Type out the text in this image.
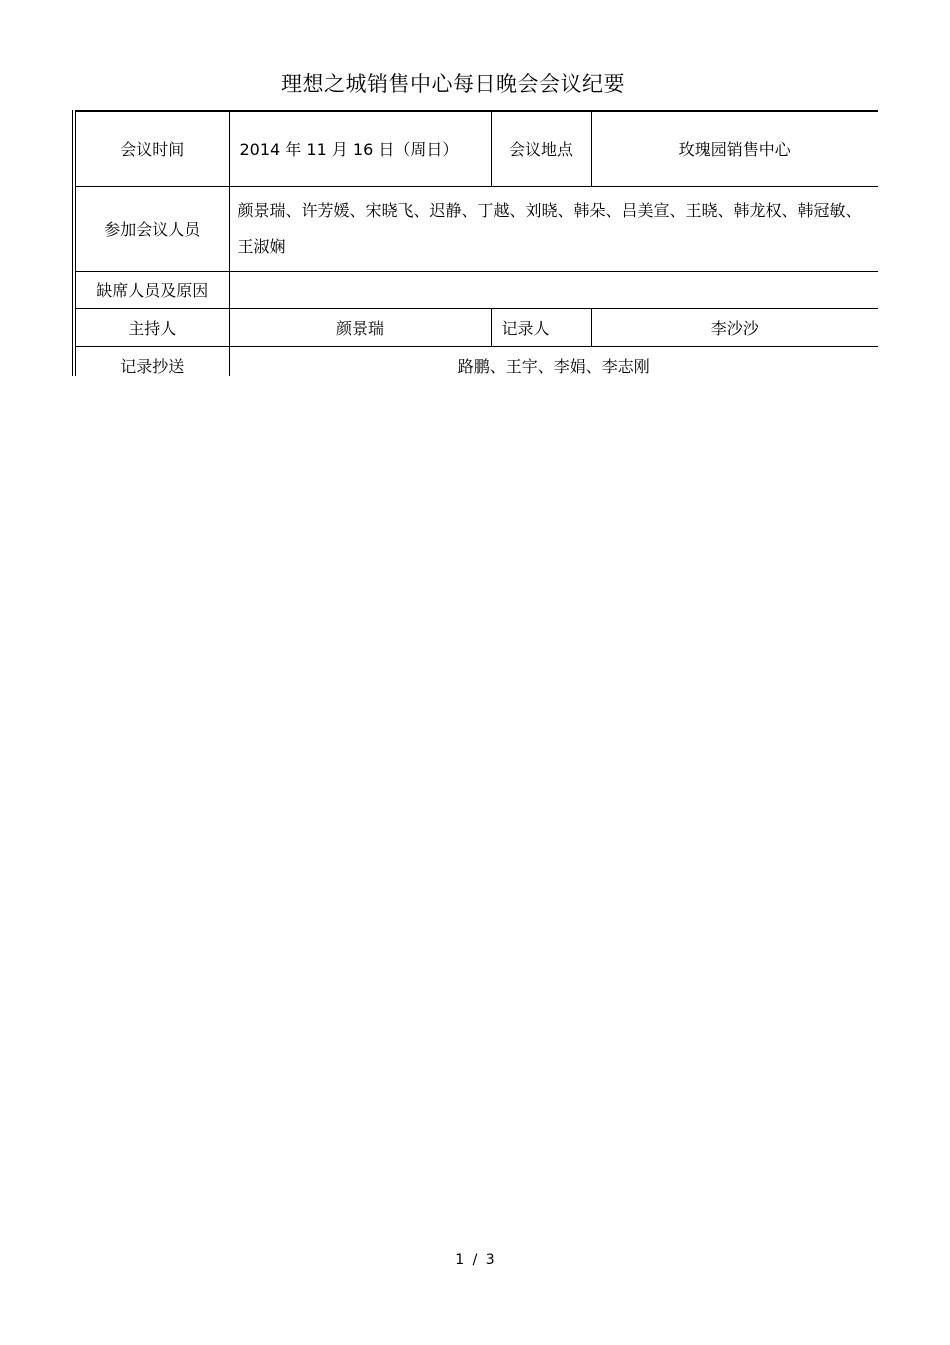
理想之城销售中心每日晚会会议纪要
会议时间	2014 年 11 月 16 日（周日）	会议地点	玫瑰园销售中心
参加会议人员	颜景瑞、许芳媛、宋晓飞、迟静、丁越、刘晓、韩朵、吕美宣、王晓、韩龙权、韩冠敏、王淑娴		
缺席人员及原因			
主持人	颜景瑞	记录人	李沙沙
记录抄送	路鹏、王宇、李娟、李志刚		
1 / 3
